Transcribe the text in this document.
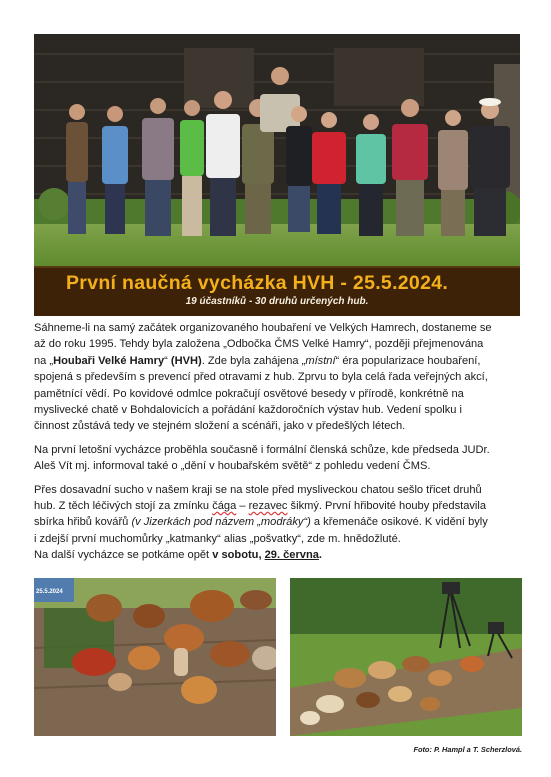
První naučná vycházka HVH - 25.5.2024.
19 účastníků - 30 druhů určených hub.

Sáhneme-li na samý začátek organizovaného houbaření ve Velkých Hamrech, dostaneme se
až do roku 1995. Tehdy byla založena „Odbočka ČMS Velké Hamry“, později přejmenována
na „Houbaři Velké Hamry“ (HVH). Zde byla zahájena „místní“ éra popularizace houbaření,
spojená s především s prevencí před otravami z hub. Zprvu to byla celá řada veřejných akcí,
pamětnící vědí. Po kovidové odmlce pokračují osvětové besedy v přírodě, konkrétně na
myslivecké chatě v Bohdalovicích a pořádání každoročních výstav hub. Vedení spolku i
činnost zůstává tedy ve stejném složení a scénáři, jako v předešlých létech.

Na první letošní vycházce proběhla současně i formální členská schůze, kde předseda JUDr.
Aleš Vít mj. informoval také o „dění v houbařském světě“ z pohledu vedení ČMS.

Přes dosavadní sucho v našem kraji se na stole před mysliveckou chatou sešlo třicet druhů
hub. Z těch léčivých stojí za zmínku čága – rezavec šikmý. První hřibovité houby představila
sbírka hřibů kovářů (v Jizerkách pod názvem „modráky“) a křemenáče osikové. K vidění byly
i zdejší první muchomůrky „katmanky“ alias „pošvatky“, zde m. hnědožluté.

Na další vycházce se potkáme opět v sobotu, 29. června.

25.5.2024
Foto: P. Hampl a T. Scherzlová.
